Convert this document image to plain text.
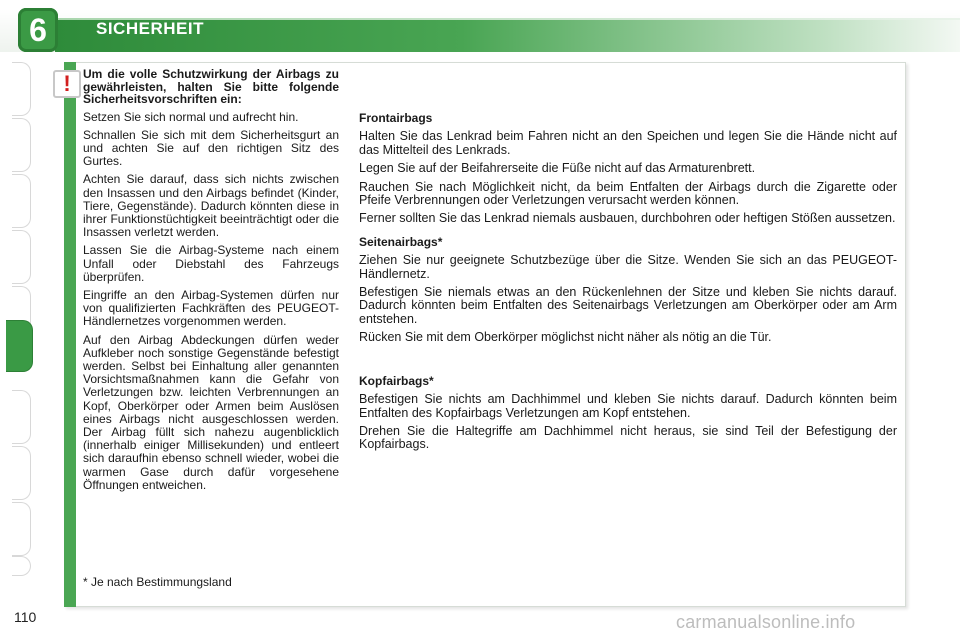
SICHERHEIT
6
!	Um die volle Schutzwirkung der Airbags zu gewährleisten, halten Sie bitte folgende Sicherheitsvorschriften ein:
Setzen Sie sich normal und aufrecht hin.
Schnallen Sie sich mit dem Sicherheitsgurt an und achten Sie auf den richtigen Sitz des Gurtes.
Achten Sie darauf, dass sich nichts zwischen den Insassen und den Airbags befindet (Kinder, Tiere, Gegenstände). Dadurch könnten diese in ihrer Funktionstüchtigkeit beeinträchtigt oder die Insassen verletzt werden.
Lassen Sie die Airbag-Systeme nach einem Unfall oder Diebstahl des Fahrzeugs überprüfen.
Eingriffe an den Airbag-Systemen dürfen nur von qualifizierten Fachkräften des PEUGEOT-Händlernetzes vorgenommen werden.
Auf den Airbag Abdeckungen dürfen weder Aufkleber noch sonstige Gegenstände befestigt werden. Selbst bei Einhaltung aller genannten Vorsichtsmaßnahmen kann die Gefahr von Verletzungen bzw. leichten Verbrennungen an Kopf, Oberkörper oder Armen beim Auslösen eines Airbags nicht ausgeschlossen werden. Der Airbag füllt sich nahezu augenblicklich (innerhalb einiger Millisekunden) und entleert sich daraufhin ebenso schnell wieder, wobei die warmen Gase durch dafür vorgesehene Öffnungen entweichen.
* Je nach Bestimmungsland
Frontairbags
Halten Sie das Lenkrad beim Fahren nicht an den Speichen und legen Sie die Hände nicht auf das Mittelteil des Lenkrads.
Legen Sie auf der Beifahrerseite die Füße nicht auf das Armaturenbrett.
Rauchen Sie nach Möglichkeit nicht, da beim Entfalten der Airbags durch die Zigarette oder Pfeife Verbrennungen oder Verletzungen verursacht werden können.
Ferner sollten Sie das Lenkrad niemals ausbauen, durchbohren oder heftigen Stößen aussetzen.
Seitenairbags*
Ziehen Sie nur geeignete Schutzbezüge über die Sitze. Wenden Sie sich an das PEUGEOT-Händlernetz.
Befestigen Sie niemals etwas an den Rückenlehnen der Sitze und kleben Sie nichts darauf. Dadurch könnten beim Entfalten des Seitenairbags Verletzungen am Oberkörper oder am Arm entstehen.
Rücken Sie mit dem Oberkörper möglichst nicht näher als nötig an die Tür.
Kopfairbags*
Befestigen Sie nichts am Dachhimmel und kleben Sie nichts darauf. Dadurch könnten beim Entfalten des Kopfairbags Verletzungen am Kopf entstehen.
Drehen Sie die Haltegriffe am Dachhimmel nicht heraus, sie sind Teil der Befestigung der Kopfairbags.
110	carmanualsonline.info
